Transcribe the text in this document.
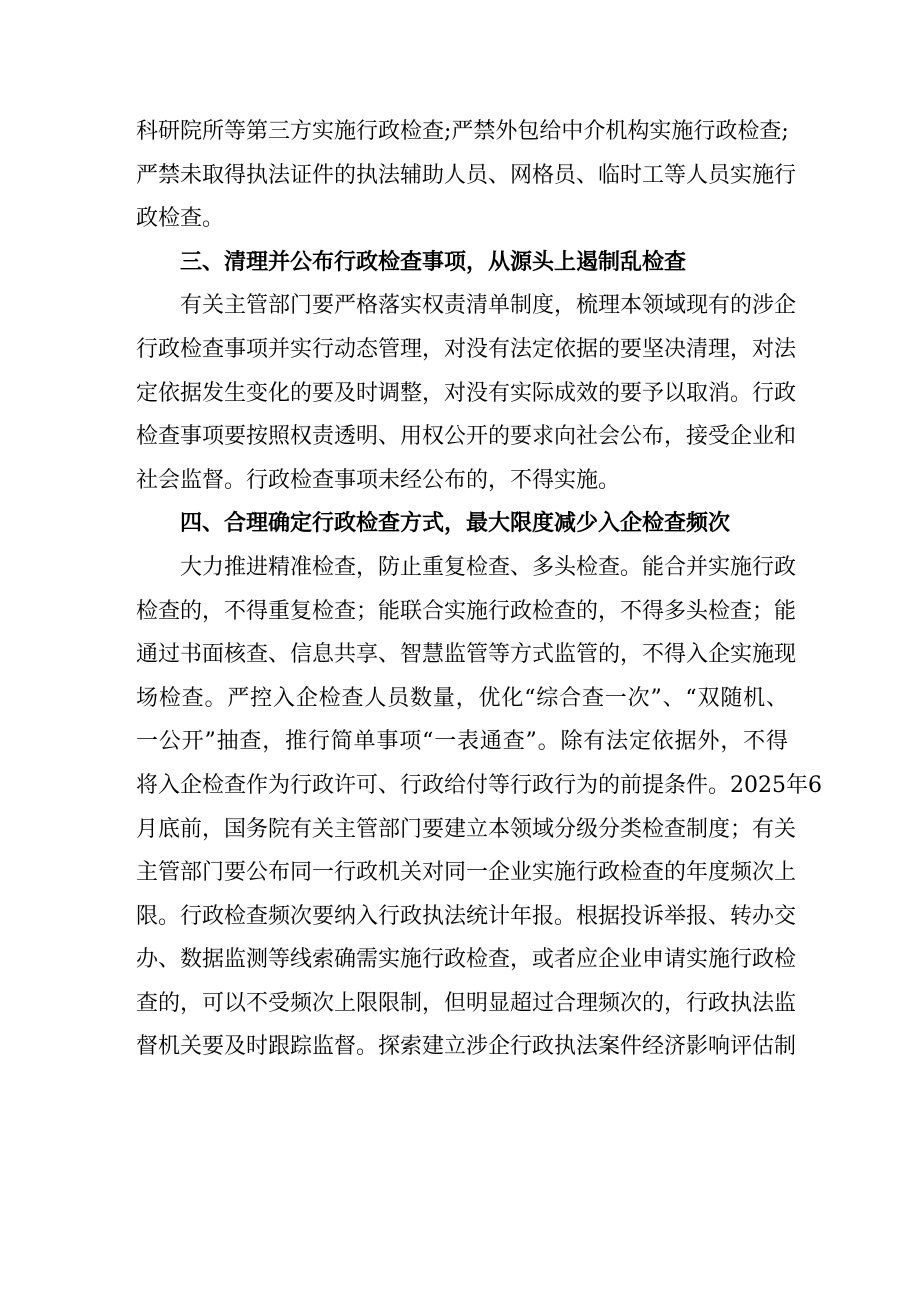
科研院所等第三方实施行政检查;严禁外包给中介机构实施行政检查;
严禁未取得执法证件的执法辅助人员、网格员、临时工等人员实施行
政检查。
三、清理并公布行政检查事项，从源头上遏制乱检查
有关主管部门要严格落实权责清单制度，梳理本领域现有的涉企
行政检查事项并实行动态管理，对没有法定依据的要坚决清理，对法
定依据发生变化的要及时调整，对没有实际成效的要予以取消。行政
检查事项要按照权责透明、用权公开的要求向社会公布，接受企业和
社会监督。行政检查事项未经公布的，不得实施。
四、合理确定行政检查方式，最大限度减少入企检查频次
大力推进精准检查，防止重复检查、多头检查。能合并实施行政
检查的，不得重复检查；能联合实施行政检查的，不得多头检查；能
通过书面核查、信息共享、智慧监管等方式监管的，不得入企实施现
场检查。严控入企检查人员数量，优化“综合查一次”、“双随机、
一公开”抽查，推行简单事项“一表通查”。除有法定依据外，不得
将入企检查作为行政许可、行政给付等行政行为的前提条件。2025年6
月底前，国务院有关主管部门要建立本领域分级分类检查制度；有关
主管部门要公布同一行政机关对同一企业实施行政检查的年度频次上
限。行政检查频次要纳入行政执法统计年报。根据投诉举报、转办交
办、数据监测等线索确需实施行政检查，或者应企业申请实施行政检
查的，可以不受频次上限限制，但明显超过合理频次的，行政执法监
督机关要及时跟踪监督。探索建立涉企行政执法案件经济影响评估制
